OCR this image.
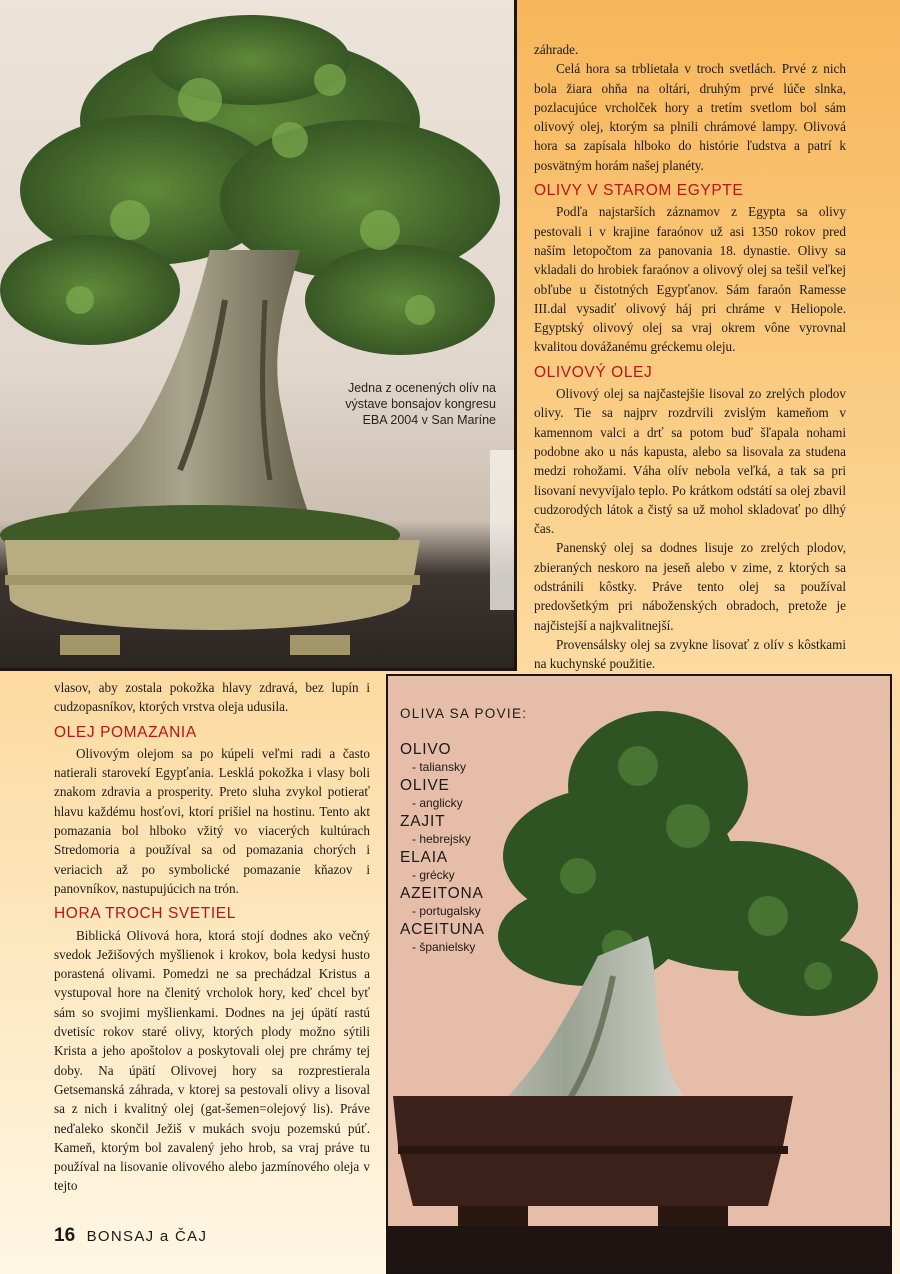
Jedna z ocenených olív na výstave bonsajov kongresu EBA 2004 v San Maríne

záhrade.

Celá hora sa trblietala v troch svetlách. Prvé z nich bola žiara ohňa na oltári, druhým prvé lúče slnka, pozlacujúce vrcholček hory a tretím svetlom bol sám olivový olej, ktorým sa plnili chrámové lampy. Olivová hora sa zapísala hlboko do histórie ľudstva a patrí k posvätným horám našej planéty.

OLIVY V STAROM EGYPTE

Podľa najstarších záznamov z Egypta sa olivy pestovali i v krajine faraónov už asi 1350 rokov pred naším letopočtom za panovania 18. dynastie. Olivy sa vkladali do hrobiek faraónov a olivový olej sa tešil veľkej obľube u čistotných Egypťanov. Sám faraón Ramesse III.dal vysadiť olivový háj pri chráme v Heliopole. Egyptský olivový olej sa vraj okrem vône vyrovnal kvalitou dovážanému gréckemu oleju.

OLIVOVÝ OLEJ

Olivový olej sa najčastejšie lisoval zo zrelých plodov olivy. Tie sa najprv rozdrvili zvislým kameňom v kamennom valci a drť sa potom buď šľapala nohami podobne ako u nás kapusta, alebo sa lisovala za studena medzi rohožami. Váha olív nebola veľká, a tak sa pri lisovaní nevyvíjalo teplo. Po krátkom odstátí sa olej zbavil cudzorodých látok a čistý sa už mohol skladovať po dlhý čas.

Panenský olej sa dodnes lisuje zo zrelých plodov, zbieraných neskoro na jeseň alebo v zime, z ktorých sa odstránili kôstky. Práve tento olej sa používal predovšetkým pri náboženských obradoch, pretože je najčistejší a najkvalitnejší.

Provensálsky olej sa zvykne lisovať z olív s kôstkami na kuchynské použitie.

vlasov, aby zostala pokožka hlavy zdravá, bez lupín i cudzopasníkov, ktorých vrstva oleja udusila.

OLEJ POMAZANIA

Olivovým olejom sa po kúpeli veľmi radi a často natierali starovekí Egypťania. Lesklá pokožka i vlasy boli znakom zdravia a prosperity. Preto sluha zvykol potierať hlavu každému hosťovi, ktorí prišiel na hostinu. Tento akt pomazania bol hlboko vžitý vo viacerých kultúrach Stredomoria a používal sa od pomazania chorých i veriacich až po symbolické pomazanie kňazov i panovníkov, nastupujúcich na trón.

HORA TROCH SVETIEL

Biblická Olivová hora, ktorá stojí dodnes ako večný svedok Ježišových myšlienok i krokov, bola kedysi husto porastená olivami. Pomedzi ne sa prechádzal Kristus a vystupoval hore na členitý vrcholok hory, keď chcel byť sám so svojimi myšlienkami. Dodnes na jej úpätí rastú dvetisíc rokov staré olivy, ktorých plody možno sýtili Krista a jeho apoštolov a poskytovali olej pre chrámy tej doby. Na úpätí Olivovej hory sa rozprestierala Getsemanská záhrada, v ktorej sa pestovali olivy a lisoval sa z nich i kvalitný olej (gat-šemen=olejový lis). Práve neďaleko skončil Ježiš v mukách svoju pozemskú púť. Kameň, ktorým bol zavalený jeho hrob, sa vraj práve tu používal na lisovanie olivového alebo jazmínového oleja v tejto

OLIVA SA POVIE:
OLIVO
- taliansky
OLIVE
- anglicky
ZAJIT
- hebrejsky
ELAIA
- grécky
AZEITONA
- portugalsky
ACEITUNA
- španielsky
16 BONSAJ a ČAJ
